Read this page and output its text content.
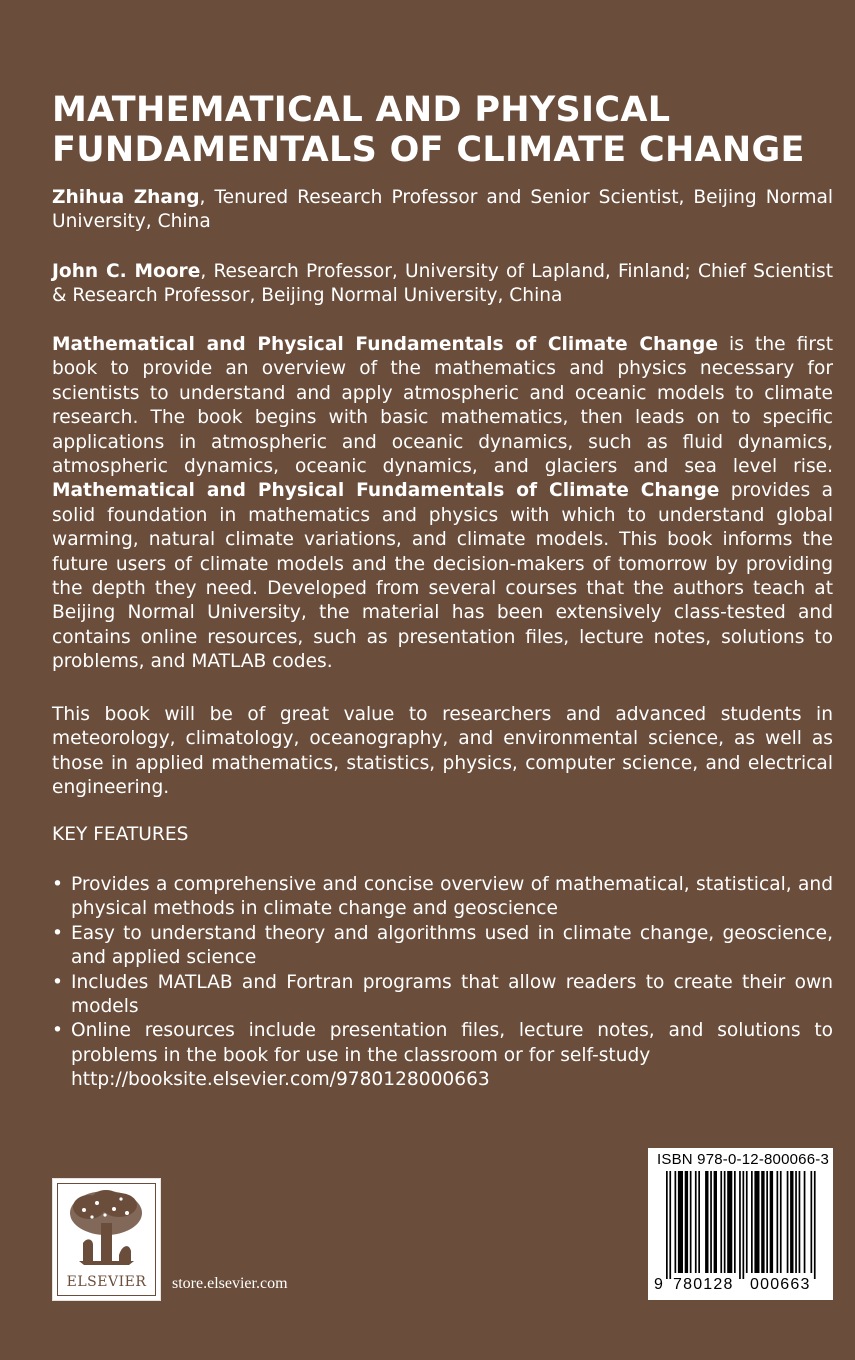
MATHEMATICAL AND PHYSICAL
FUNDAMENTALS OF CLIMATE CHANGE
Zhihua Zhang, Tenured Research Professor and Senior Scientist, Beijing Normal University, China
John C. Moore, Research Professor, University of Lapland, Finland; Chief Scientist & Research Professor, Beijing Normal University, China
Mathematical and Physical Fundamentals of Climate Change is the first book to provide an overview of the mathematics and physics necessary for scientists to understand and apply atmospheric and oceanic models to climate research. The book begins with basic mathematics, then leads on to specific applications in atmospheric and oceanic dynamics, such as fluid dynamics, atmospheric dynamics, oceanic dynamics, and glaciers and sea level rise. Mathematical and Physical Fundamentals of Climate Change provides a solid foundation in mathematics and physics with which to understand global warming, natural climate variations, and climate models. This book informs the future users of climate models and the decision-makers of tomorrow by providing the depth they need. Developed from several courses that the authors teach at Beijing Normal University, the material has been extensively class-tested and contains online resources, such as presentation files, lecture notes, solutions to problems, and MATLAB codes.
This book will be of great value to researchers and advanced students in meteorology, climatology, oceanography, and environmental science, as well as those in applied mathematics, statistics, physics, computer science, and electrical engineering.
KEY FEATURES
• Provides a comprehensive and concise overview of mathematical, statistical, and physical methods in climate change and geoscience
• Easy to understand theory and algorithms used in climate change, geoscience, and applied science
• Includes MATLAB and Fortran programs that allow readers to create their own models
• Online resources include presentation files, lecture notes, and solutions to problems in the book for use in the classroom or for self-study
http://booksite.elsevier.com/9780128000663
ELSEVIER	store.elsevier.com
ISBN 978-0-12-800066-3
9 780128 000663
